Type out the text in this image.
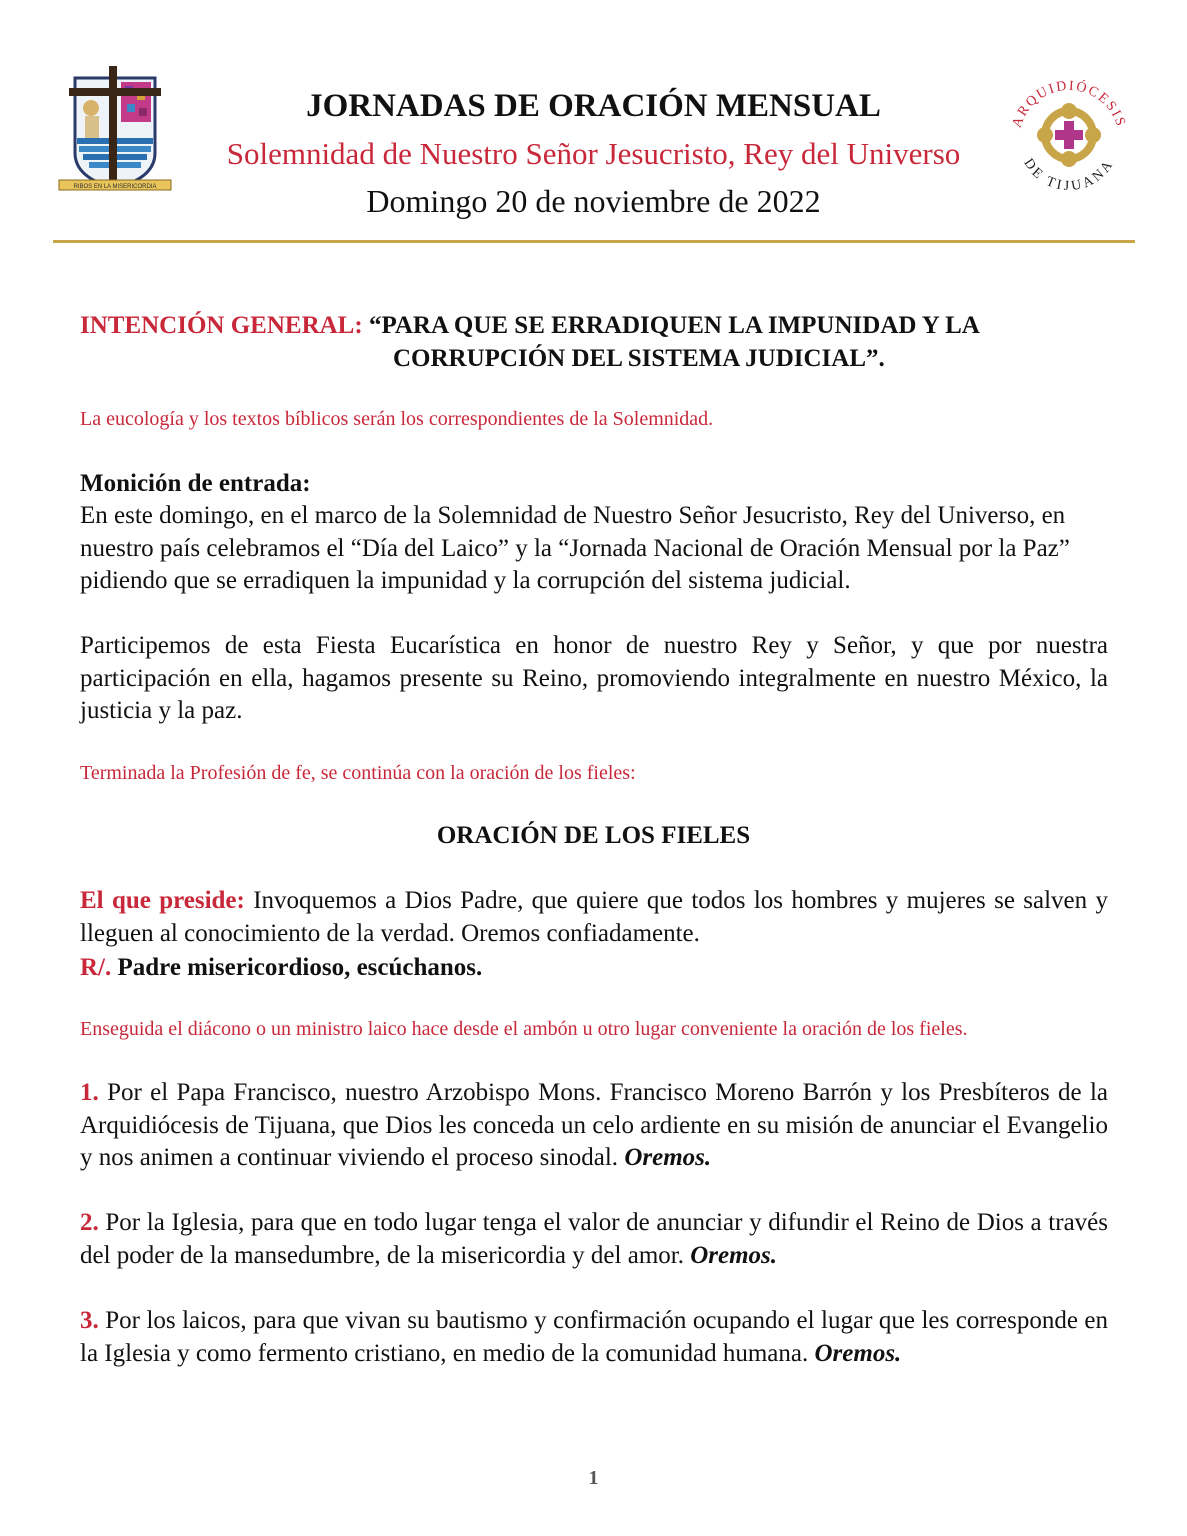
RIBOS EN LA MISERICORDIA
ARQUIDIÓCESIS
DE TIJUANA
JORNADAS DE ORACIÓN MENSUAL
Solemnidad de Nuestro Señor Jesucristo, Rey del Universo
Domingo 20 de noviembre de 2022
INTENCIÓN GENERAL: “PARA QUE SE ERRADIQUEN LA IMPUNIDAD Y LA
CORRUPCIÓN DEL SISTEMA JUDICIAL”.
La eucología y los textos bíblicos serán los correspondientes de la Solemnidad.
Monición de entrada:
En este domingo, en el marco de la Solemnidad de Nuestro Señor Jesucristo, Rey del Universo, en nuestro país celebramos el “Día del Laico” y la “Jornada Nacional de Oración Mensual por la Paz” pidiendo que se erradiquen la impunidad y la corrupción del sistema judicial.
Participemos de esta Fiesta Eucarística en honor de nuestro Rey y Señor, y que por nuestra participación en ella, hagamos presente su Reino, promoviendo integralmente en nuestro México, la justicia y la paz.
Terminada la Profesión de fe, se continúa con la oración de los fieles:
ORACIÓN DE LOS FIELES
El que preside: Invoquemos a Dios Padre, que quiere que todos los hombres y mujeres se salven y lleguen al conocimiento de la verdad. Oremos confiadamente.
R/. Padre misericordioso, escúchanos.
Enseguida el diácono o un ministro laico hace desde el ambón u otro lugar conveniente la oración de los fieles.
1. Por el Papa Francisco, nuestro Arzobispo Mons. Francisco Moreno Barrón y los Presbíteros de la Arquidiócesis de Tijuana, que Dios les conceda un celo ardiente en su misión de anunciar el Evangelio y nos animen a continuar viviendo el proceso sinodal. Oremos.
2. Por la Iglesia, para que en todo lugar tenga el valor de anunciar y difundir el Reino de Dios a través del poder de la mansedumbre, de la misericordia y del amor. Oremos.
3. Por los laicos, para que vivan su bautismo y confirmación ocupando el lugar que les corresponde en la Iglesia y como fermento cristiano, en medio de la comunidad humana. Oremos.
1
